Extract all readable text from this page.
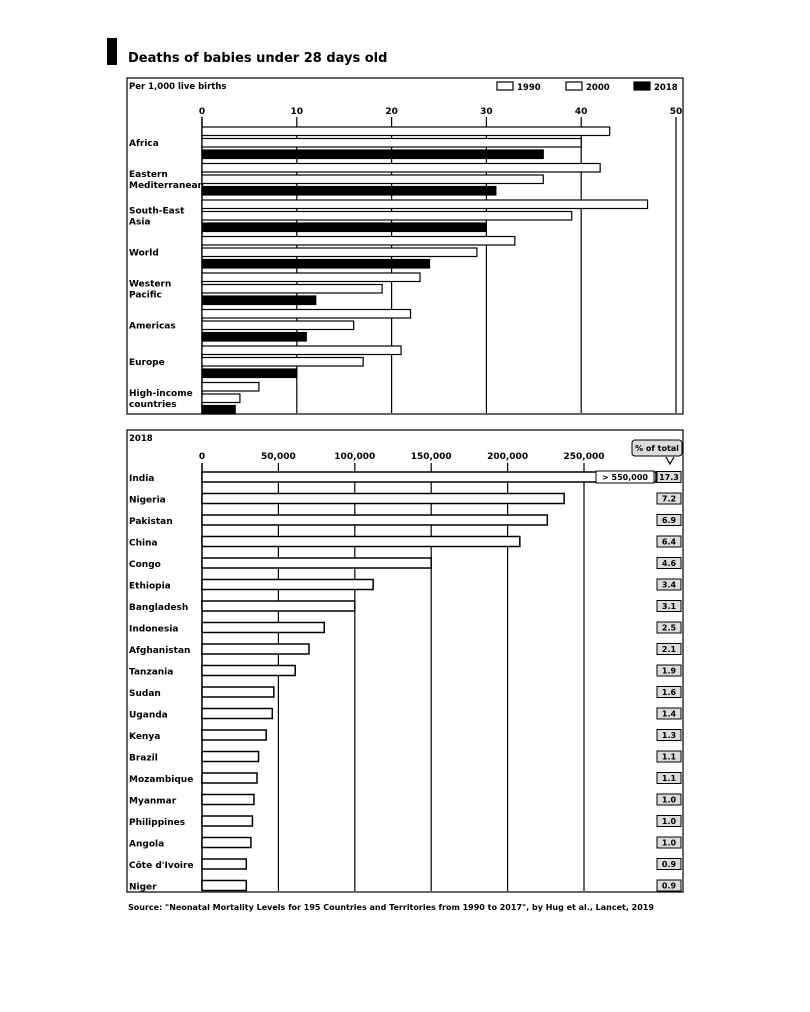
Deaths of babies under 28 days old
Per 1,000 live births	1990	2000	2018
0	10	20	30	40	50
Africa
Eastern
Mediterranean
South-East
Asia
World
Western
Pacific
Americas
Europe
High-income
countries
2018
0	50,000	100,000	150,000	200,000	250,000
% of total
India	17.3
Nigeria	7.2
Pakistan	6.9
China	6.4
Congo	4.6
Ethiopia	3.4
Bangladesh	3.1
Indonesia	2.5
Afghanistan	2.1
Tanzania	1.9
Sudan	1.6
Uganda	1.4
Kenya	1.3
Brazil	1.1
Mozambique	1.1
Myanmar	1.0
Philippines	1.0
Angola	1.0
Côte d'Ivoire	0.9
Niger	0.9
> 550,000
Source: "Neonatal Mortality Levels for 195 Countries and Territories from 1990 to 2017", by Hug et al., Lancet, 2019
